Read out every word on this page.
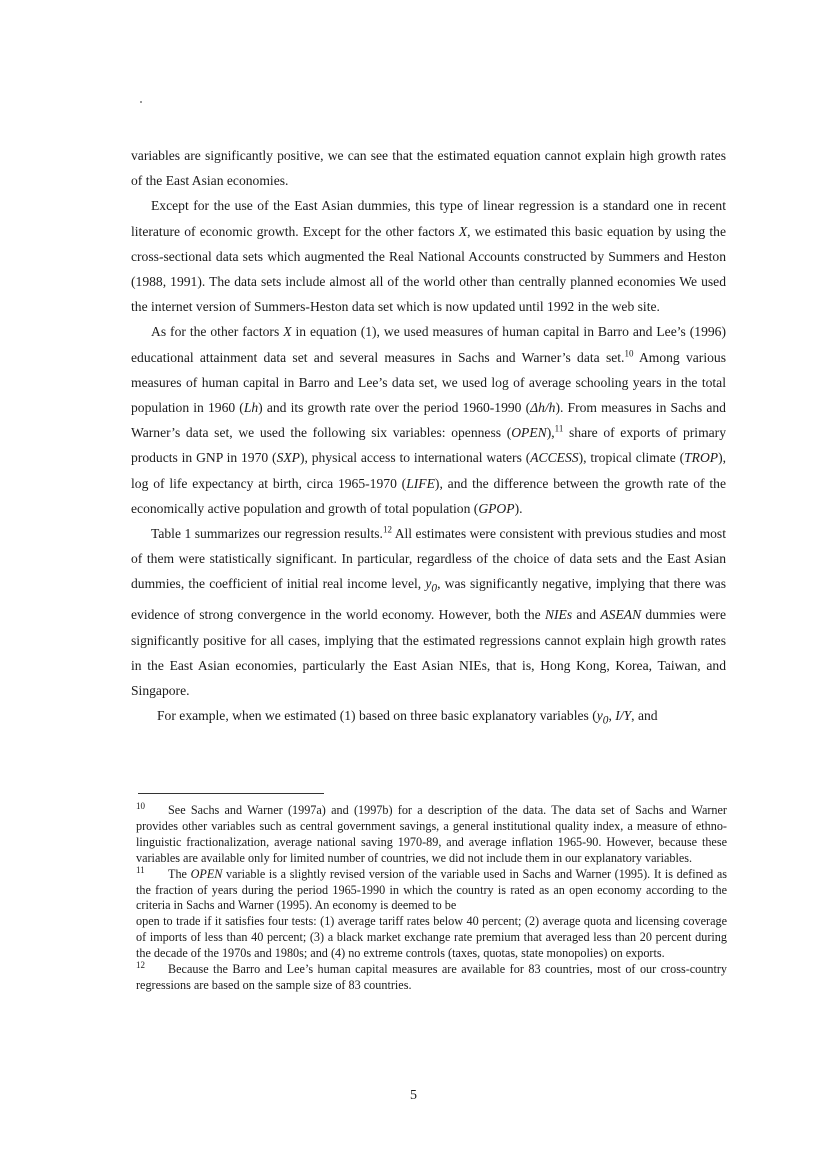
variables are significantly positive, we can see that the estimated equation cannot explain high growth rates of the East Asian economies.

Except for the use of the East Asian dummies, this type of linear regression is a standard one in recent literature of economic growth. Except for the other factors X, we estimated this basic equation by using the cross-sectional data sets which augmented the Real National Accounts constructed by Summers and Heston (1988, 1991). The data sets include almost all of the world other than centrally planned economies We used the internet version of Summers-Heston data set which is now updated until 1992 in the web site.

As for the other factors X in equation (1), we used measures of human capital in Barro and Lee’s (1996) educational attainment data set and several measures in Sachs and Warner’s data set.$^{10}$ Among various measures of human capital in Barro and Lee’s data set, we used log of average schooling years in the total population in 1960 (Lh) and its growth rate over the period 1960-1990 (Δh/h). From measures in Sachs and Warner’s data set, we used the following six variables: openness (OPEN),$^{11}$ share of exports of primary products in GNP in 1970 (SXP), physical access to international waters (ACCESS), tropical climate (TROP), log of life expectancy at birth, circa 1965-1970 (LIFE), and the difference between the growth rate of the economically active population and growth of total population (GPOP).

Table 1 summarizes our regression results.$^{12}$ All estimates were consistent with previous studies and most of them were statistically significant. In particular, regardless of the choice of data sets and the East Asian dummies, the coefficient of initial real income level, $y_0$, was significantly negative, implying that there was evidence of strong convergence in the world economy. However, both the NIEs and ASEAN dummies were significantly positive for all cases, implying that the estimated regressions cannot explain high growth rates in the East Asian economies, particularly the East Asian NIEs, that is, Hong Kong, Korea, Taiwan, and Singapore.

For example, when we estimated (1) based on three basic explanatory variables ($y_0$, I/Y, and

10 See Sachs and Warner (1997a) and (1997b) for a description of the data. The data set of Sachs and Warner provides other variables such as central government savings, a general institutional quality index, a measure of ethno-linguistic fractionalization, average national saving 1970-89, and average inflation 1965-90. However, because these variables are available only for limited number of countries, we did not include them in our explanatory variables.

11 The OPEN variable is a slightly revised version of the variable used in Sachs and Warner (1995). It is defined as the fraction of years during the period 1965-1990 in which the country is rated as an open economy according to the criteria in Sachs and Warner (1995). An economy is deemed to be

open to trade if it satisfies four tests: (1) average tariff rates below 40 percent; (2) average quota and licensing coverage of imports of less than 40 percent; (3) a black market exchange rate premium that averaged less than 20 percent during the decade of the 1970s and 1980s; and (4) no extreme controls (taxes, quotas, state monopolies) on exports.

12 Because the Barro and Lee’s human capital measures are available for 83 countries, most of our cross-country regressions are based on the sample size of 83 countries.

5
